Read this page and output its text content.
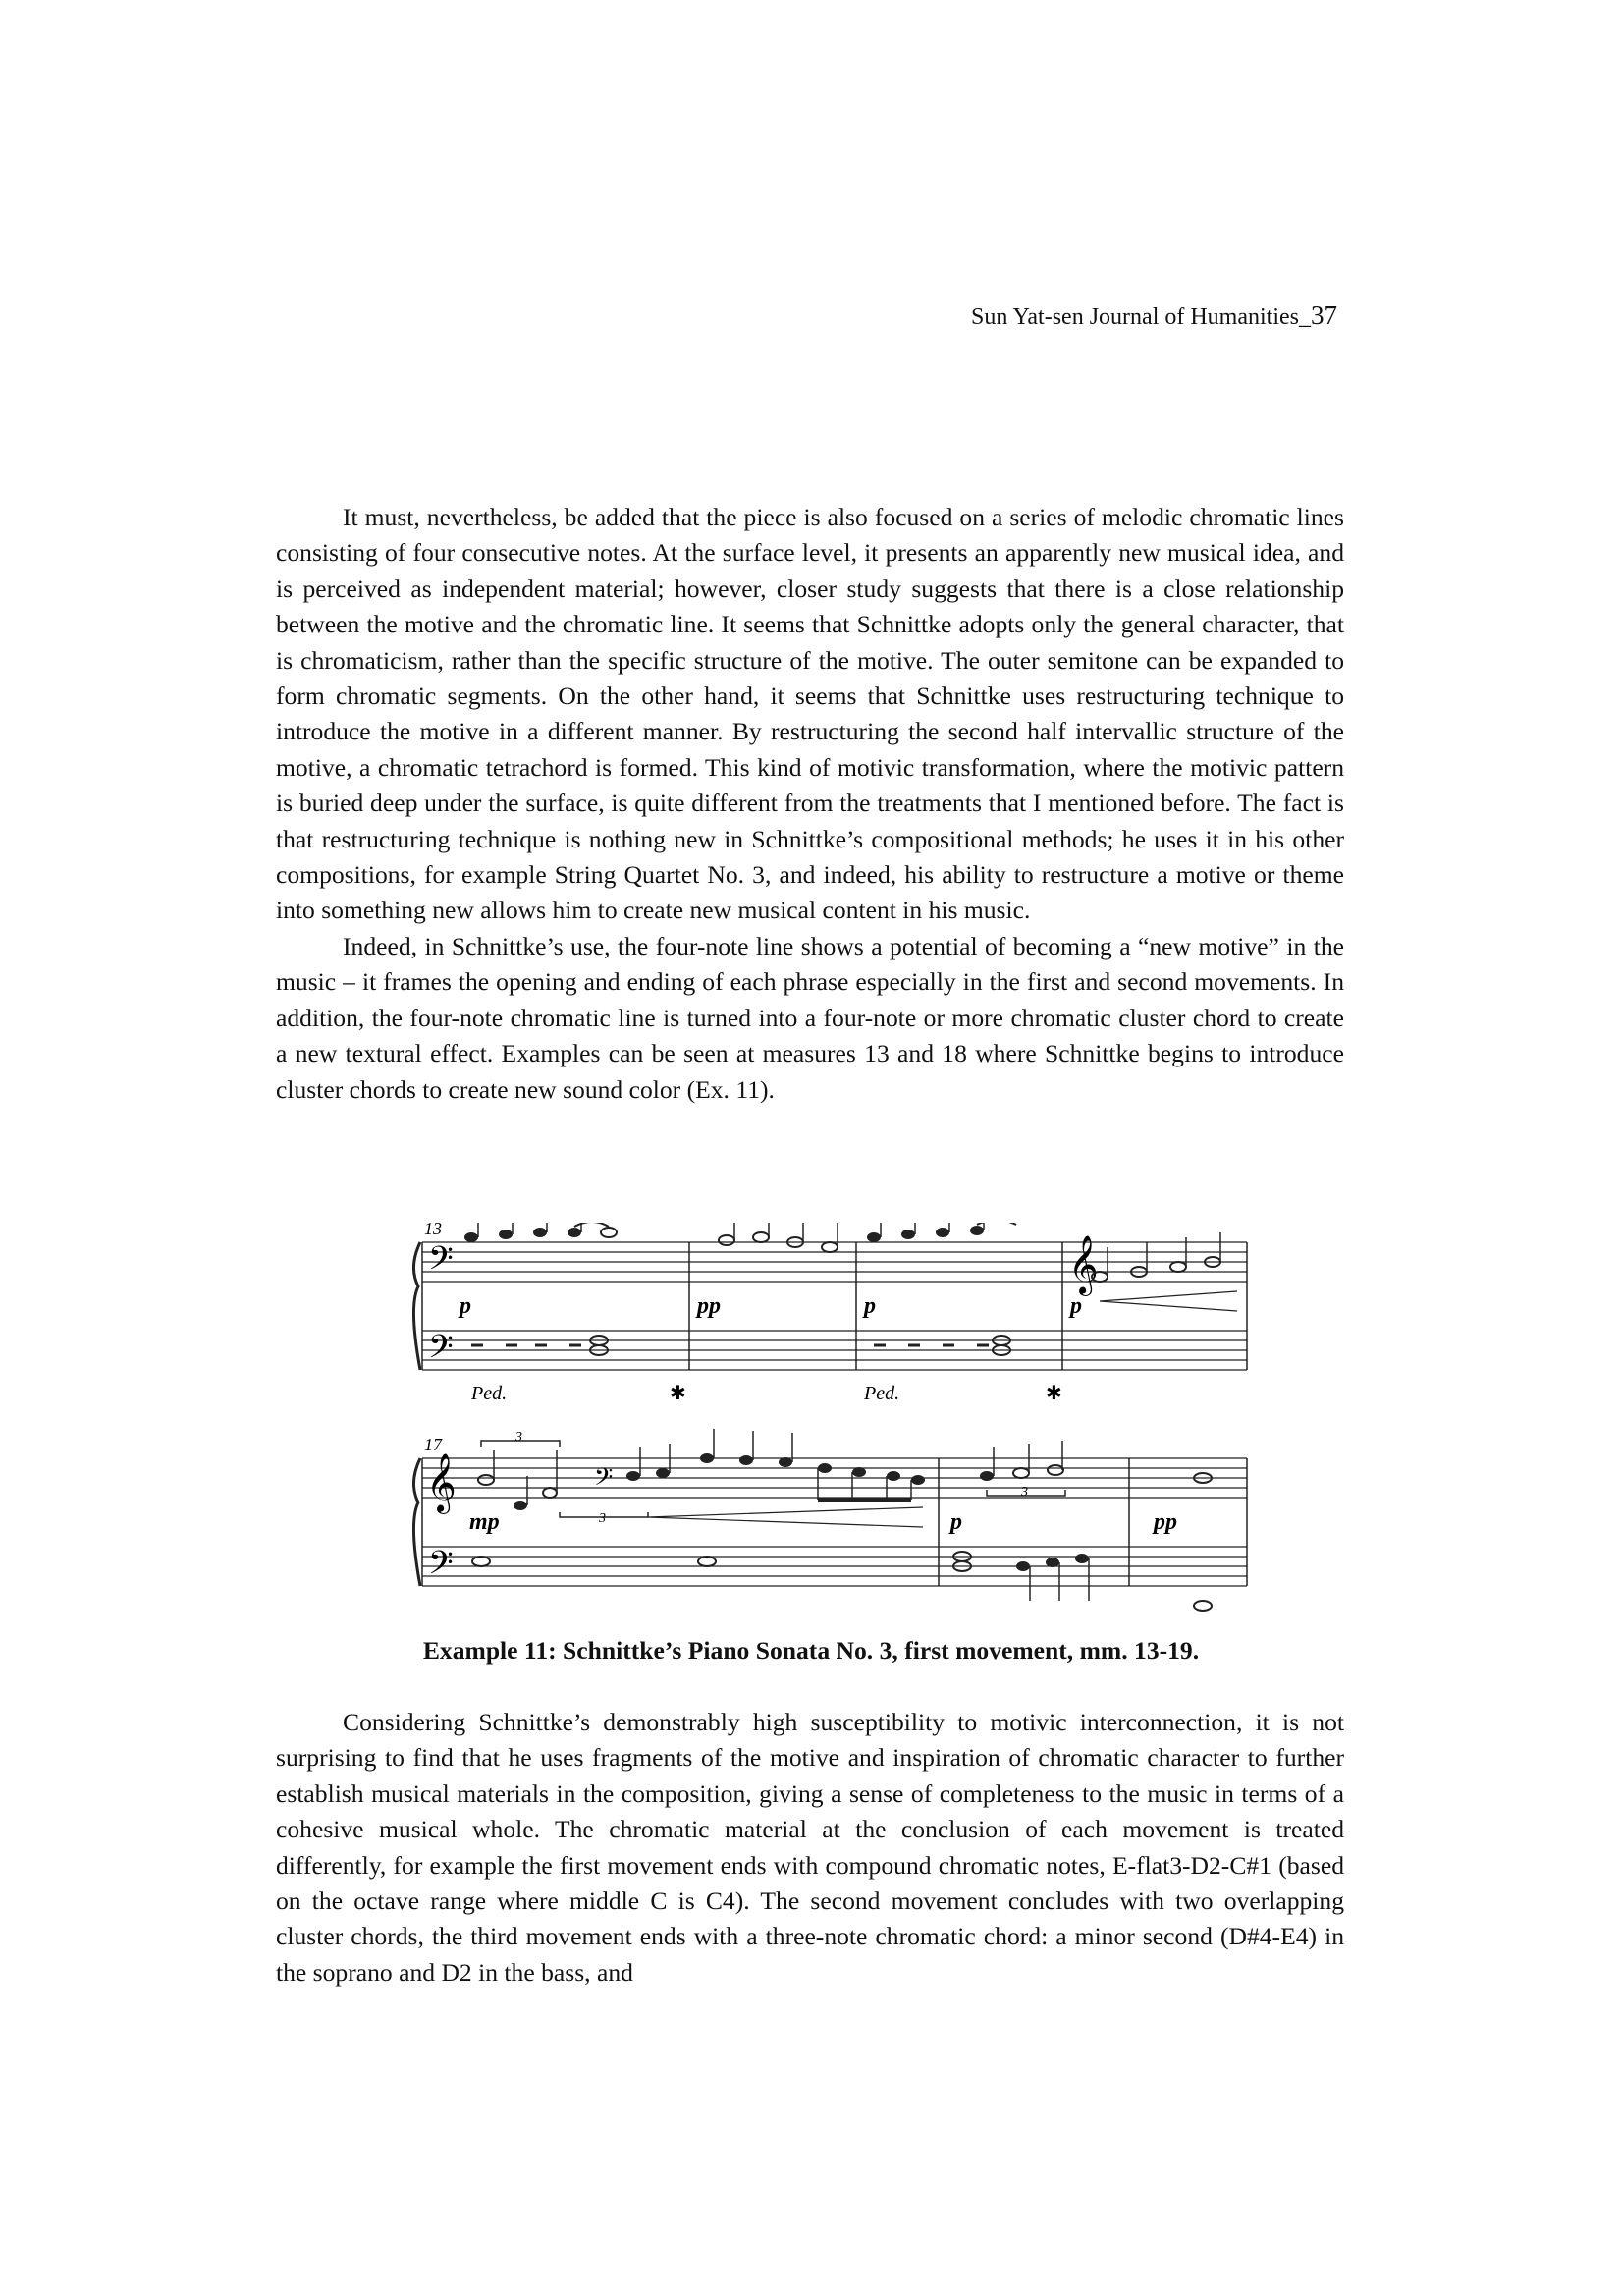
Sun Yat-sen Journal of Humanities_37

It must, nevertheless, be added that the piece is also focused on a series of melodic chromatic lines consisting of four consecutive notes. At the surface level, it presents an apparently new musical idea, and is perceived as independent material; however, closer study suggests that there is a close relationship between the motive and the chromatic line. It seems that Schnittke adopts only the general character, that is chromaticism, rather than the specific structure of the motive. The outer semitone can be expanded to form chromatic segments. On the other hand, it seems that Schnittke uses restructuring technique to introduce the motive in a different manner. By restructuring the second half intervallic structure of the motive, a chromatic tetrachord is formed. This kind of motivic transformation, where the motivic pattern is buried deep under the surface, is quite different from the treatments that I mentioned before. The fact is that restructuring technique is nothing new in Schnittke’s compositional methods; he uses it in his other compositions, for example String Quartet No. 3, and indeed, his ability to restructure a motive or theme into something new allows him to create new musical content in his music.

Indeed, in Schnittke’s use, the four-note line shows a potential of becoming a “new motive” in the music – it frames the opening and ending of each phrase especially in the first and second movements. In addition, the four-note chromatic line is turned into a four-note or more chromatic cluster chord to create a new textural effect. Examples can be seen at measures 13 and 18 where Schnittke begins to introduce cluster chords to create new sound color (Ex. 11).

𝄢
𝄢
𝄞
p	pp	p	p
13
Ped.	✱	Ped.	✱
𝄞
𝄢
𝄢
3
3
3
17
mp	p	pp
Example 11: Schnittke’s Piano Sonata No. 3, first movement, mm. 13-19.

Considering Schnittke’s demonstrably high susceptibility to motivic interconnection, it is not surprising to find that he uses fragments of the motive and inspiration of chromatic character to further establish musical materials in the composition, giving a sense of completeness to the music in terms of a cohesive musical whole. The chromatic material at the conclusion of each movement is treated differently, for example the first movement ends with compound chromatic notes, E-flat3-D2-C#1 (based on the octave range where middle C is C4). The second movement concludes with two overlapping cluster chords, the third movement ends with a three-note chromatic chord: a minor second (D#4-E4) in the soprano and D2 in the bass, and
